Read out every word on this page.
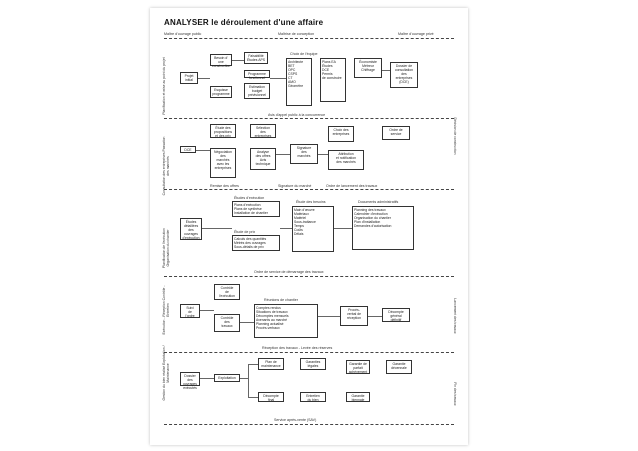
ANALYSER le déroulement d'une affaire
Maître d'ouvrage public	Maîtrise de conception	Maître d'ouvrage privé
Planification et mise au point du projet
Consultation des entreprises Passation des marchés
Planification de l'exécution Organisation du chantier
Exécution - Réception Contrôle - Entretien
Gestion du bien réalisé Exploitation / Maintenance
Décision de construction
Lancement des travaux
Fin des travaux
Projet initial
Besoin d'
une construction
Faisabilité
Études APS
Programme
fonctionnel
Estimation
budget
prévisionnel
Esquisse
programme
Choix de l'équipe
Architecte
BET
OPC
CSPS
CT
AMO
Géomètre
Plans EA
Études
DCE
Permis
de construire
Économiste
Métreur
Chiffrage
Dossier de
consultation
des
entreprises
(DCE)
Avis d'appel public à la concurrence
Étude des
propositions
et des prix
Sélection
des entreprises
DCE	Négociation
des
marchés
avec les
entreprises
Analyse
des offres
Avis
technique
Signature
des
marchés
Choix des
entreprises
Attribution
et notification
des marchés
Ordre de
service
Remise des offres	Signature du marché	Ordre de lancement des travaux
Études d'exécution
Plans d'exécution
Plans de synthèse
Installation de chantier
Études
détaillées
des ouvrages
d'exécution
Étude de prix
Calculs des quantités
Métrés des ouvrages
Sous-détails de prix
Étude des besoins
Main d'œuvre
Matériaux
Matériel
Sous-traitance
Temps
Coûts
Délais
Documents administratifs
Planning des travaux
Calendrier d'exécution
Organisation du chantier
Plan d'installation
Demandes d'autorisation
Ordre de service de démarrage des travaux
Contrôle
de
l'exécution
Suivi
de
l'ordre	Contrôle
des
travaux
Réunions de chantier
Comptes rendus
Situations de travaux
Décomptes mensuels
Avenants au marché
Planning actualisé
Procès-verbaux
Procès-
verbal de
réception
Décompte
général
définitif
Réception des travaux - Levée des réserves
Dossier des
ouvrages
exécutés
Exploitation
Plan de
maintenance
Décompte
final
Garanties
légales
Entretien
du bien
Garantie de
parfait
achèvement
Garantie
biennale
Garantie
décennale
Service après-vente (SAV)
